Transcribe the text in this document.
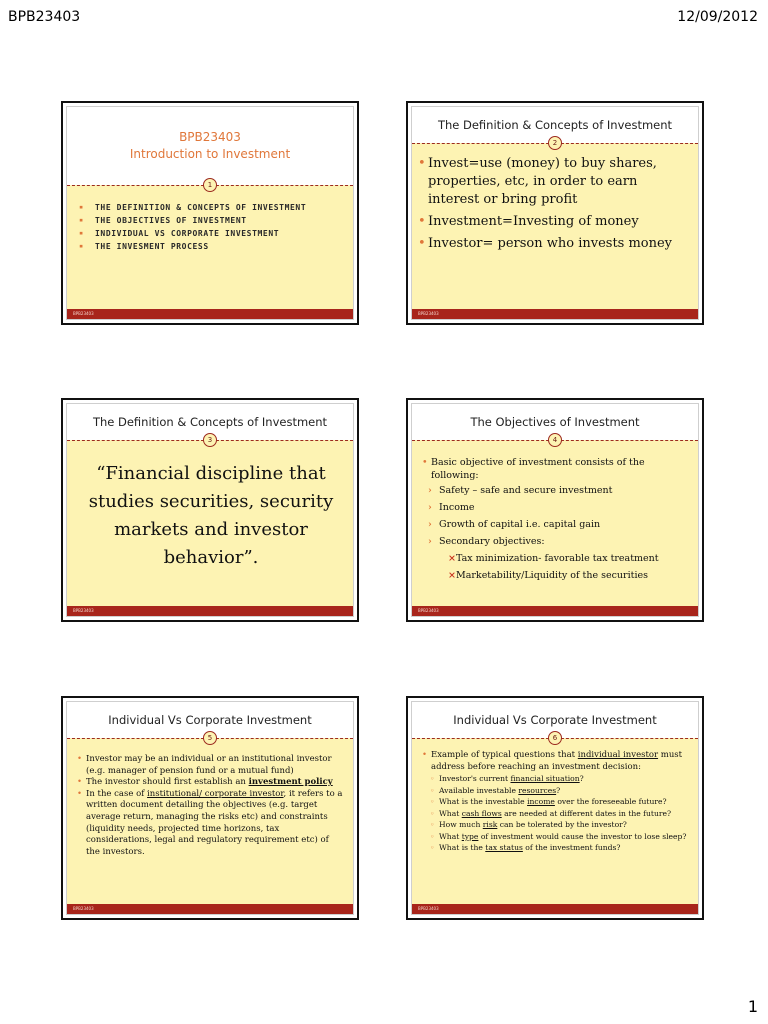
BPB23403	12/09/2012
BPB23403
Introduction to Investment
1
▪ THE DEFINITION & CONCEPTS OF INVESTMENT
▪ THE OBJECTIVES OF INVESTMENT
▪ INDIVIDUAL VS CORPORATE INVESTMENT
▪ THE INVESMENT PROCESS
BPB23403
The Definition & Concepts of Investment
2
• Invest=use (money) to buy shares, properties, etc, in order to earn interest or bring profit
• Investment=Investing of money
• Investor= person who invests money
BPB23403
The Definition & Concepts of Investment
3
“Financial discipline that studies securities, security markets and investor behavior”.
BPB23403
The Objectives of Investment
4
• Basic objective of investment consists of the following:
› Safety – safe and secure investment
› Income
› Growth of capital i.e. capital gain
› Secondary objectives:
× Tax minimization- favorable tax treatment
× Marketability/Liquidity of the securities
BPB23403
Individual Vs Corporate Investment
5
• Investor may be an individual or an institutional investor (e.g. manager of pension fund or a mutual fund)
• The investor should first establish an investment policy
• In the case of institutional/ corporate investor, it refers to a written document detailing the objectives (e.g. target average return, managing the risks etc) and constraints (liquidity needs, projected time horizons, tax considerations, legal and regulatory requirement etc) of the investors.
BPB23403
Individual Vs Corporate Investment
6
• Example of typical questions that individual investor must address before reaching an investment decision:
◦ Investor's current financial situation?
◦ Available investable resources?
◦ What is the investable income over the foreseeable future?
◦ What cash flows are needed at different dates in the future?
◦ How much risk can be tolerated by the investor?
◦ What type of investment would cause the investor to lose sleep?
◦ What is the tax status of the investment funds?
BPB23403
1
